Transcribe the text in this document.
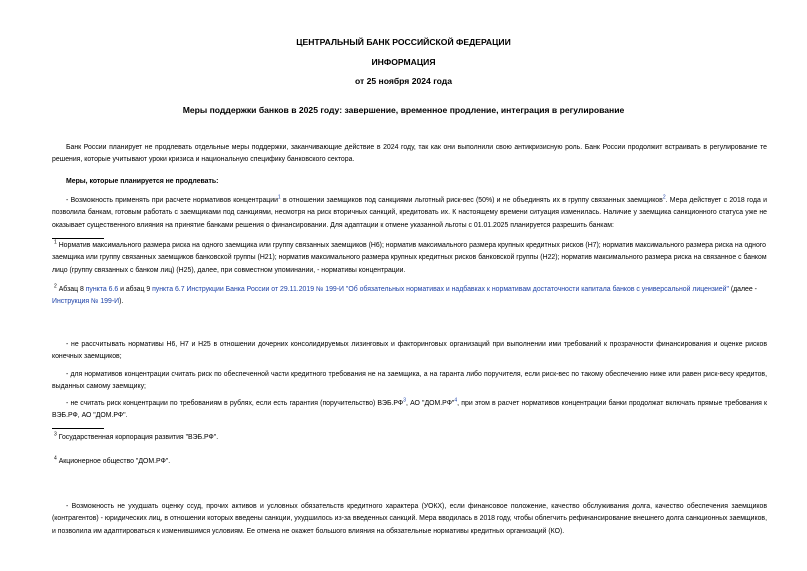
ЦЕНТРАЛЬНЫЙ БАНК РОССИЙСКОЙ ФЕДЕРАЦИИ
ИНФОРМАЦИЯ
от 25 ноября 2024 года
Меры поддержки банков в 2025 году: завершение, временное продление, интеграция в регулирование
Банк России планирует не продлевать отдельные меры поддержки, заканчивающие действие в 2024 году, так как они выполнили свою антикризисную роль. Банк России продолжит встраивать в регулирование те решения, которые учитывают уроки кризиса и национальную специфику банковского сектора.
Меры, которые планируется не продлевать:
- Возможность применять при расчете нормативов концентрации$^1$ в отношении заемщиков под санкциями льготный риск-вес (50%) и не объединять их в группу связанных заемщиков$^2$. Мера действует с 2018 года и позволила банкам, готовым работать с заемщиками под санкциями, несмотря на риск вторичных санкций, кредитовать их. К настоящему времени ситуация изменилась. Наличие у заемщика санкционного статуса уже не оказывает существенного влияния на принятие банками решения о финансировании. Для адаптации к отмене указанной льготы с 01.01.2025 планируется разрешить банкам:
$^1$ Норматив максимального размера риска на одного заемщика или группу связанных заемщиков (Н6); норматив максимального размера крупных кредитных рисков (Н7); норматив максимального размера риска на одного заемщика или группу связанных заемщиков банковской группы (Н21); норматив максимального размера крупных кредитных рисков банковской группы (Н22); норматив максимального размера риска на связанное с банком лицо (группу связанных с банком лиц) (Н25), далее, при совместном упоминании, - нормативы концентрации.
$^2$ Абзац 8 пункта 6.6 и абзац 9 пункта 6.7 Инструкции Банка России от 29.11.2019 № 199-И "Об обязательных нормативах и надбавках к нормативам достаточности капитала банков с универсальной лицензией" (далее - Инструкция № 199-И).
- не рассчитывать нормативы Н6, Н7 и Н25 в отношении дочерних консолидируемых лизинговых и факторинговых организаций при выполнении ими требований к прозрачности финансирования и оценке рисков конечных заемщиков;
- для нормативов концентрации считать риск по обеспеченной части кредитного требования не на заемщика, а на гаранта либо поручителя, если риск-вес по такому обеспечению ниже или равен риск-весу кредитов, выданных самому заемщику;
- не считать риск концентрации по требованиям в рублях, если есть гарантия (поручительство) $ВЭБ.РФ^3$, АО "ДОМ.РФ"$^4$, при этом в расчет нормативов концентрации банки продолжат включать прямые требования к ВЭБ.РФ, АО "ДОМ.РФ".
$^3$ Государственная корпорация развития "ВЭБ.РФ".
$^4$ Акционерное общество "ДОМ.РФ".
- Возможность не ухудшать оценку ссуд, прочих активов и условных обязательств кредитного характера (УОКХ), если финансовое положение, качество обслуживания долга, качество обеспечения заемщиков (контрагентов) - юридических лиц, в отношении которых введены санкции, ухудшилось из-за введенных санкций. Мера вводилась в 2018 году, чтобы облегчить рефинансирование внешнего долга санкционных заемщиков, и позволила им адаптироваться к изменившимся условиям. Ее отмена не окажет большого влияния на обязательные нормативы кредитных организаций (КО).
